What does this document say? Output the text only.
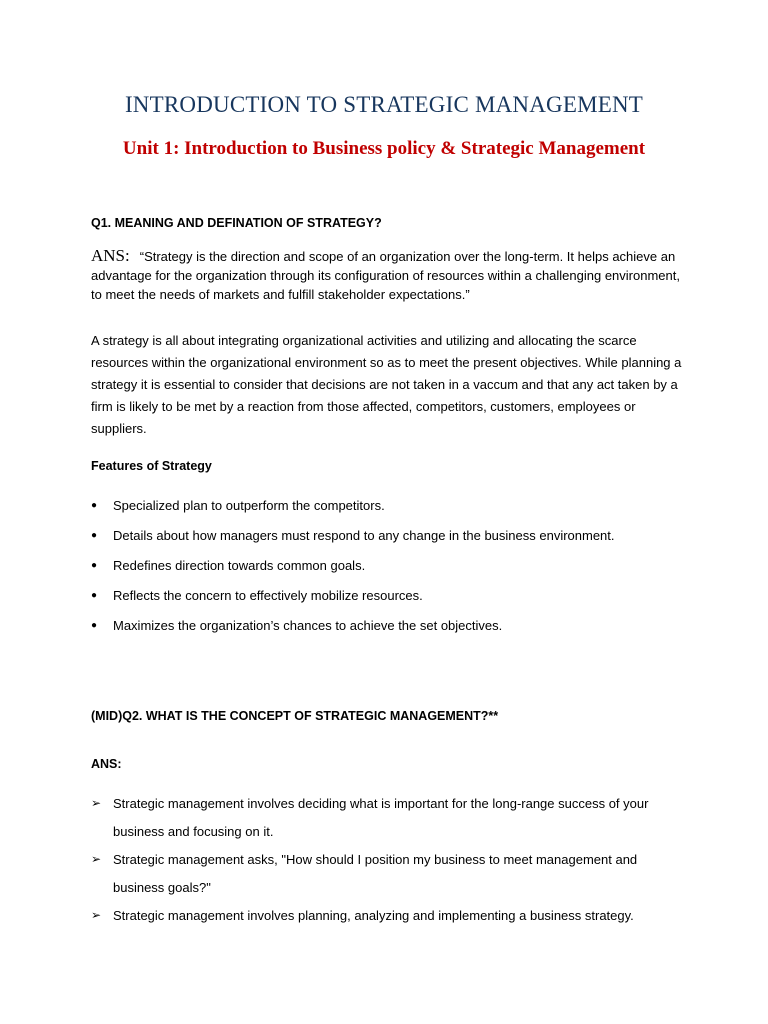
INTRODUCTION TO STRATEGIC MANAGEMENT
Unit 1: Introduction to Business policy & Strategic Management
Q1. MEANING AND DEFINATION OF STRATEGY?
ANS: “Strategy is the direction and scope of an organization over the long-term. It helps achieve an advantage for the organization through its configuration of resources within a challenging environment, to meet the needs of markets and fulfill stakeholder expectations.”
A strategy is all about integrating organizational activities and utilizing and allocating the scarce resources within the organizational environment so as to meet the present objectives. While planning a strategy it is essential to consider that decisions are not taken in a vaccum and that any act taken by a firm is likely to be met by a reaction from those affected, competitors, customers, employees or suppliers.
Features of Strategy
● Specialized plan to outperform the competitors.
● Details about how managers must respond to any change in the business environment.
● Redefines direction towards common goals.
● Reflects the concern to effectively mobilize resources.
● Maximizes the organization’s chances to achieve the set objectives.
(MID)Q2. WHAT IS THE CONCEPT OF STRATEGIC MANAGEMENT?**
ANS:
➢ Strategic management involves deciding what is important for the long-range success of your business and focusing on it.
➢ Strategic management asks, "How should I position my business to meet management and business goals?"
➢ Strategic management involves planning, analyzing and implementing a business strategy.
